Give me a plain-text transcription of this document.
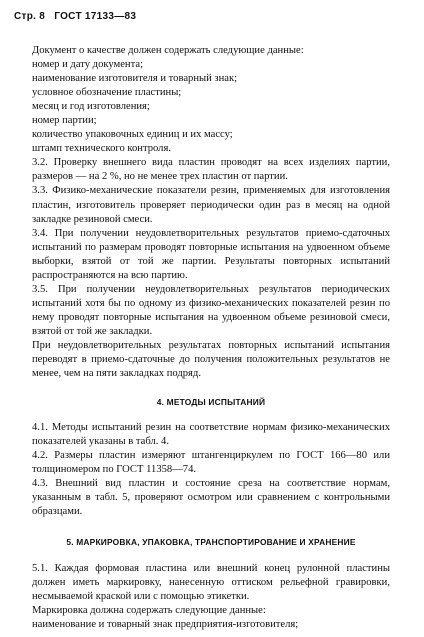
Стр. 8 ГОСТ 17133—83

Документ о качестве должен содержать следующие данные:

номер и дату документа;

наименование изготовителя и товарный знак;

условное обозначение пластины;

месяц и год изготовления;

номер партии;

количество упаковочных единиц и их массу;

штамп технического контроля.

3.2. Проверку внешнего вида пластин проводят на всех изделиях партии, размеров — на 2 %, но не менее трех пластин от партии.

3.3. Физико-механические показатели резин, применяемых для изготовления пластин, изготовитель проверяет периодически один раз в месяц на одной закладке резиновой смеси.

3.4. При получении неудовлетворительных результатов приемо-сдаточных испытаний по размерам проводят повторные испытания на удвоенном объеме выборки, взятой от той же партии. Результаты повторных испытаний распространяются на всю партию.

3.5. При получении неудовлетворительных результатов периодических испытаний хотя бы по одному из физико-механических показателей резин по нему проводят повторные испытания на удвоенном объеме резиновой смеси, взятой от той же закладки.

При неудовлетворительных результатах повторных испытаний испытания переводят в приемо-сдаточные до получения положительных результатов не менее, чем на пяти закладках подряд.

4. МЕТОДЫ ИСПЫТАНИЙ

4.1. Методы испытаний резин на соответствие нормам физико-механических показателей указаны в табл. 4.

4.2. Размеры пластин измеряют штангенциркулем по ГОСТ 166—80 или толщиномером по ГОСТ 11358—74.

4.3. Внешний вид пластин и состояние среза на соответствие нормам, указанным в табл. 5, проверяют осмотром или сравнением с контрольными образцами.

5. МАРКИРОВКА, УПАКОВКА, ТРАНСПОРТИРОВАНИЕ И ХРАНЕНИЕ

5.1. Каждая формовая пластина или внешний конец рулонной пластины должен иметь маркировку, нанесенную оттиском рельефной гравировки, несмываемой краской или с помощью этикетки.

Маркировка должна содержать следующие данные:

наименование и товарный знак предприятия-изготовителя;
